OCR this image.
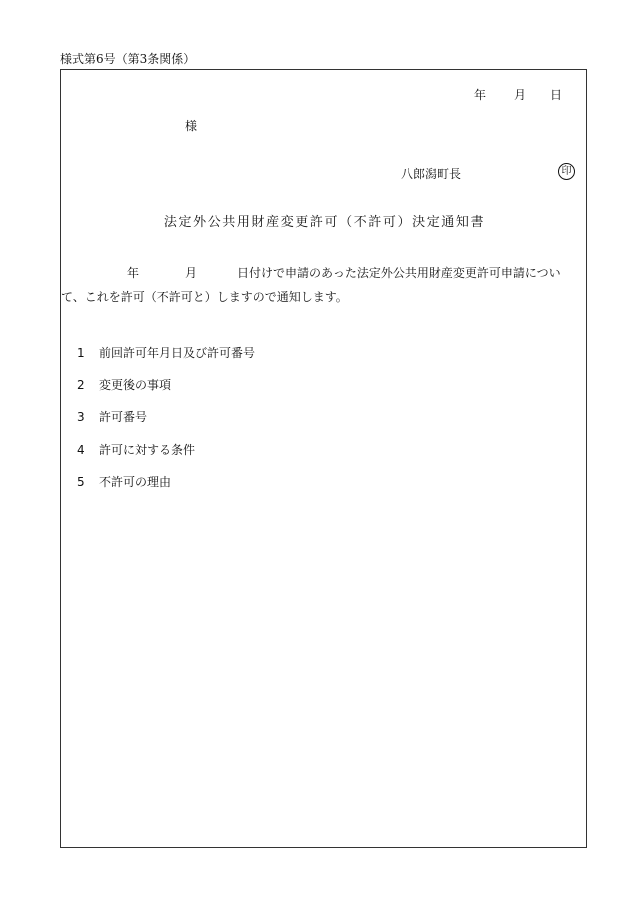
様式第6号（第3条関係）
年 月 日
様
八郎潟町長	印
法定外公共用財産変更許可（不許可）決定通知書
年	月	日付けで申請のあった法定外公共用財産変更許可申請につい
て、これを許可（不許可と）しますので通知します。
1 前回許可年月日及び許可番号
2 変更後の事項
3 許可番号
4 許可に対する条件
5 不許可の理由
